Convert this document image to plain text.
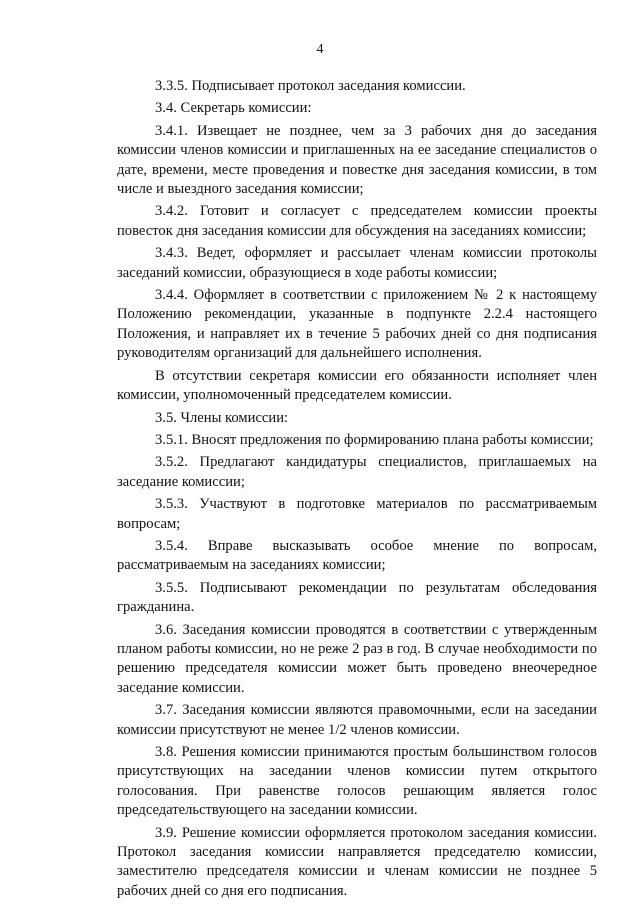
4

3.3.5. Подписывает протокол заседания комиссии.

3.4. Секретарь комиссии:

3.4.1. Извещает не позднее, чем за 3 рабочих дня до заседания комиссии членов комиссии и приглашенных на ее заседание специалистов о дате, времени, месте проведения и повестке дня заседания комиссии, в том числе и выездного заседания комиссии;

3.4.2. Готовит и согласует с председателем комиссии проекты повесток дня заседания комиссии для обсуждения на заседаниях комиссии;

3.4.3. Ведет, оформляет и рассылает членам комиссии протоколы заседаний комиссии, образующиеся в ходе работы комиссии;

3.4.4. Оформляет в соответствии с приложением № 2 к настоящему Положению рекомендации, указанные в подпункте 2.2.4 настоящего Положения, и направляет их в течение 5 рабочих дней со дня подписания руководителям организаций для дальнейшего исполнения.

В отсутствии секретаря комиссии его обязанности исполняет член комиссии, уполномоченный председателем комиссии.

3.5. Члены комиссии:

3.5.1. Вносят предложения по формированию плана работы комиссии;

3.5.2. Предлагают кандидатуры специалистов, приглашаемых на заседание комиссии;

3.5.3. Участвуют в подготовке материалов по рассматриваемым вопросам;

3.5.4. Вправе высказывать особое мнение по вопросам, рассматриваемым на заседаниях комиссии;

3.5.5. Подписывают рекомендации по результатам обследования гражданина.

3.6. Заседания комиссии проводятся в соответствии с утвержденным планом работы комиссии, но не реже 2 раз в год. В случае необходимости по решению председателя комиссии может быть проведено внеочередное заседание комиссии.

3.7. Заседания комиссии являются правомочными, если на заседании комиссии присутствуют не менее 1/2 членов комиссии.

3.8. Решения комиссии принимаются простым большинством голосов присутствующих на заседании членов комиссии путем открытого голосования. При равенстве голосов решающим является голос председательствующего на заседании комиссии.

3.9. Решение комиссии оформляется протоколом заседания комиссии. Протокол заседания комиссии направляется председателю комиссии, заместителю председателя комиссии и членам комиссии не позднее 5 рабочих дней со дня его подписания.
